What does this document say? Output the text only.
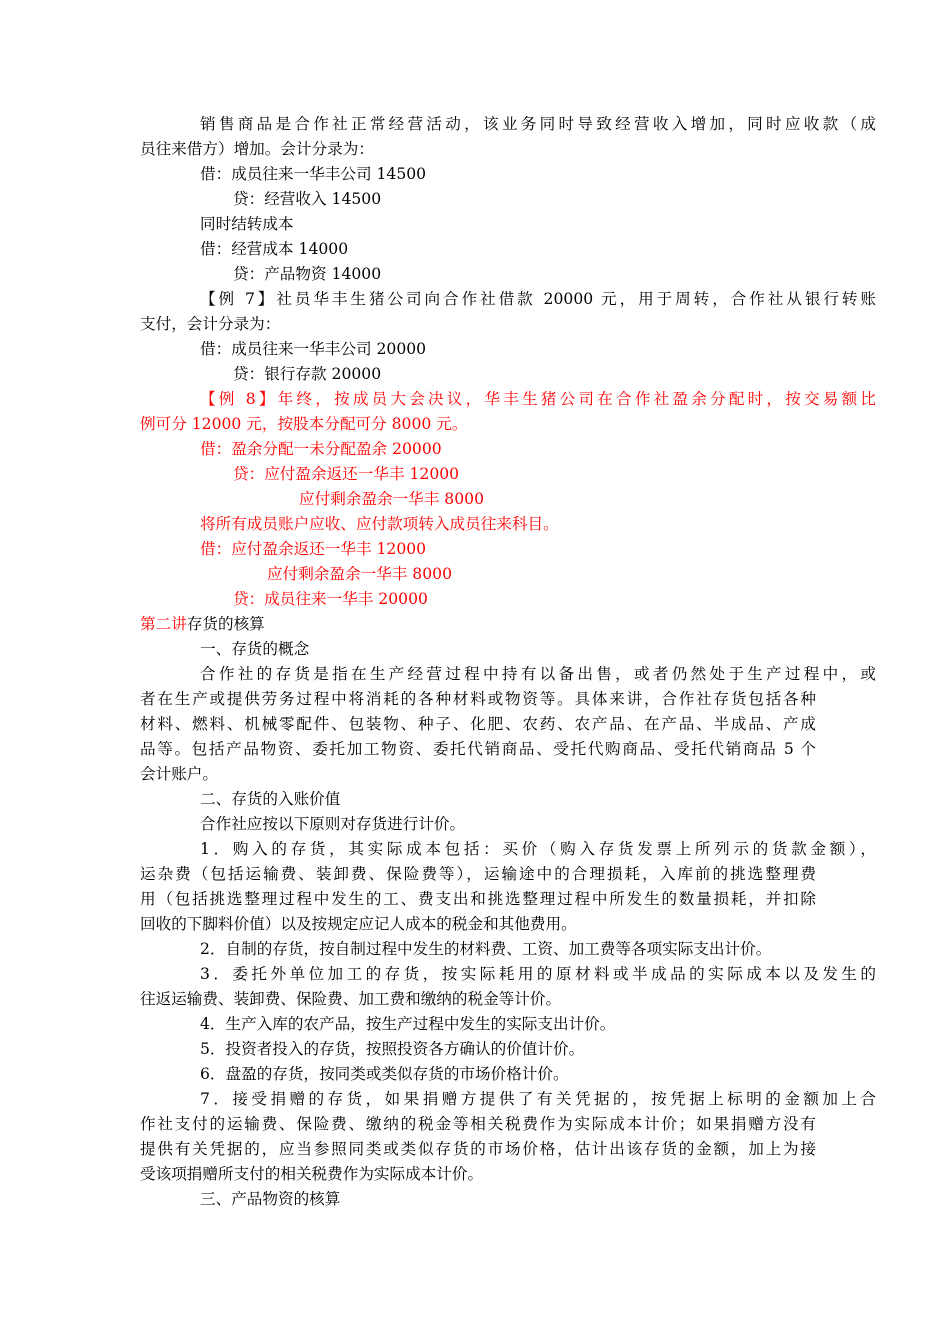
销售商品是合作社正常经营活动，该业务同时导致经营收入增加，同时应收款（成
员往来借方）增加。会计分录为：
借：成员往来一华丰公司 14500
贷：经营收入 14500
同时结转成本
借：经营成本 14000
贷：产品物资 14000
【例 7】社员华丰生猪公司向合作社借款 20000 元，用于周转，合作社从银行转账
支付，会计分录为：
借：成员往来一华丰公司 20000
贷：银行存款 20000
【例 8】年终，按成员大会决议，华丰生猪公司在合作社盈余分配时，按交易额比
例可分 12000 元，按股本分配可分 8000 元。
借：盈余分配一未分配盈余 20000
贷：应付盈余返还一华丰 12000
应付剩余盈余一华丰 8000
将所有成员账户应收、应付款项转入成员往来科目。
借：应付盈余返还一华丰 12000
应付剩余盈余一华丰 8000
贷：成员往来一华丰 20000
第二讲存货的核算
一、存货的概念
合作社的存货是指在生产经营过程中持有以备出售，或者仍然处于生产过程中，或
者在生产或提供劳务过程中将消耗的各种材料或物资等。具体来讲，合作社存货包括各种
材料、燃料、机械零配件、包装物、种子、化肥、农药、农产品、在产品、半成品、产成
品等。包括产品物资、委托加工物资、委托代销商品、受托代购商品、受托代销商品 5 个
会计账户。
二、存货的入账价值
合作社应按以下原则对存货进行计价。
1．购入的存货，其实际成本包括：买价（购入存货发票上所列示的货款金额），
运杂费（包括运输费、装卸费、保险费等），运输途中的合理损耗，入库前的挑选整理费
用（包括挑选整理过程中发生的工、费支出和挑选整理过程中所发生的数量损耗，并扣除
回收的下脚料价值）以及按规定应记人成本的税金和其他费用。
2．自制的存货，按自制过程中发生的材料费、工资、加工费等各项实际支出计价。
3．委托外单位加工的存货，按实际耗用的原材料或半成品的实际成本以及发生的
往返运输费、装卸费、保险费、加工费和缴纳的税金等计价。
4．生产入库的农产品，按生产过程中发生的实际支出计价。
5．投资者投入的存货，按照投资各方确认的价值计价。
6．盘盈的存货，按同类或类似存货的市场价格计价。
7．接受捐赠的存货，如果捐赠方提供了有关凭据的，按凭据上标明的金额加上合
作社支付的运输费、保险费、缴纳的税金等相关税费作为实际成本计价；如果捐赠方没有
提供有关凭据的，应当参照同类或类似存货的市场价格，估计出该存货的金额，加上为接
受该项捐赠所支付的相关税费作为实际成本计价。
三、产品物资的核算
